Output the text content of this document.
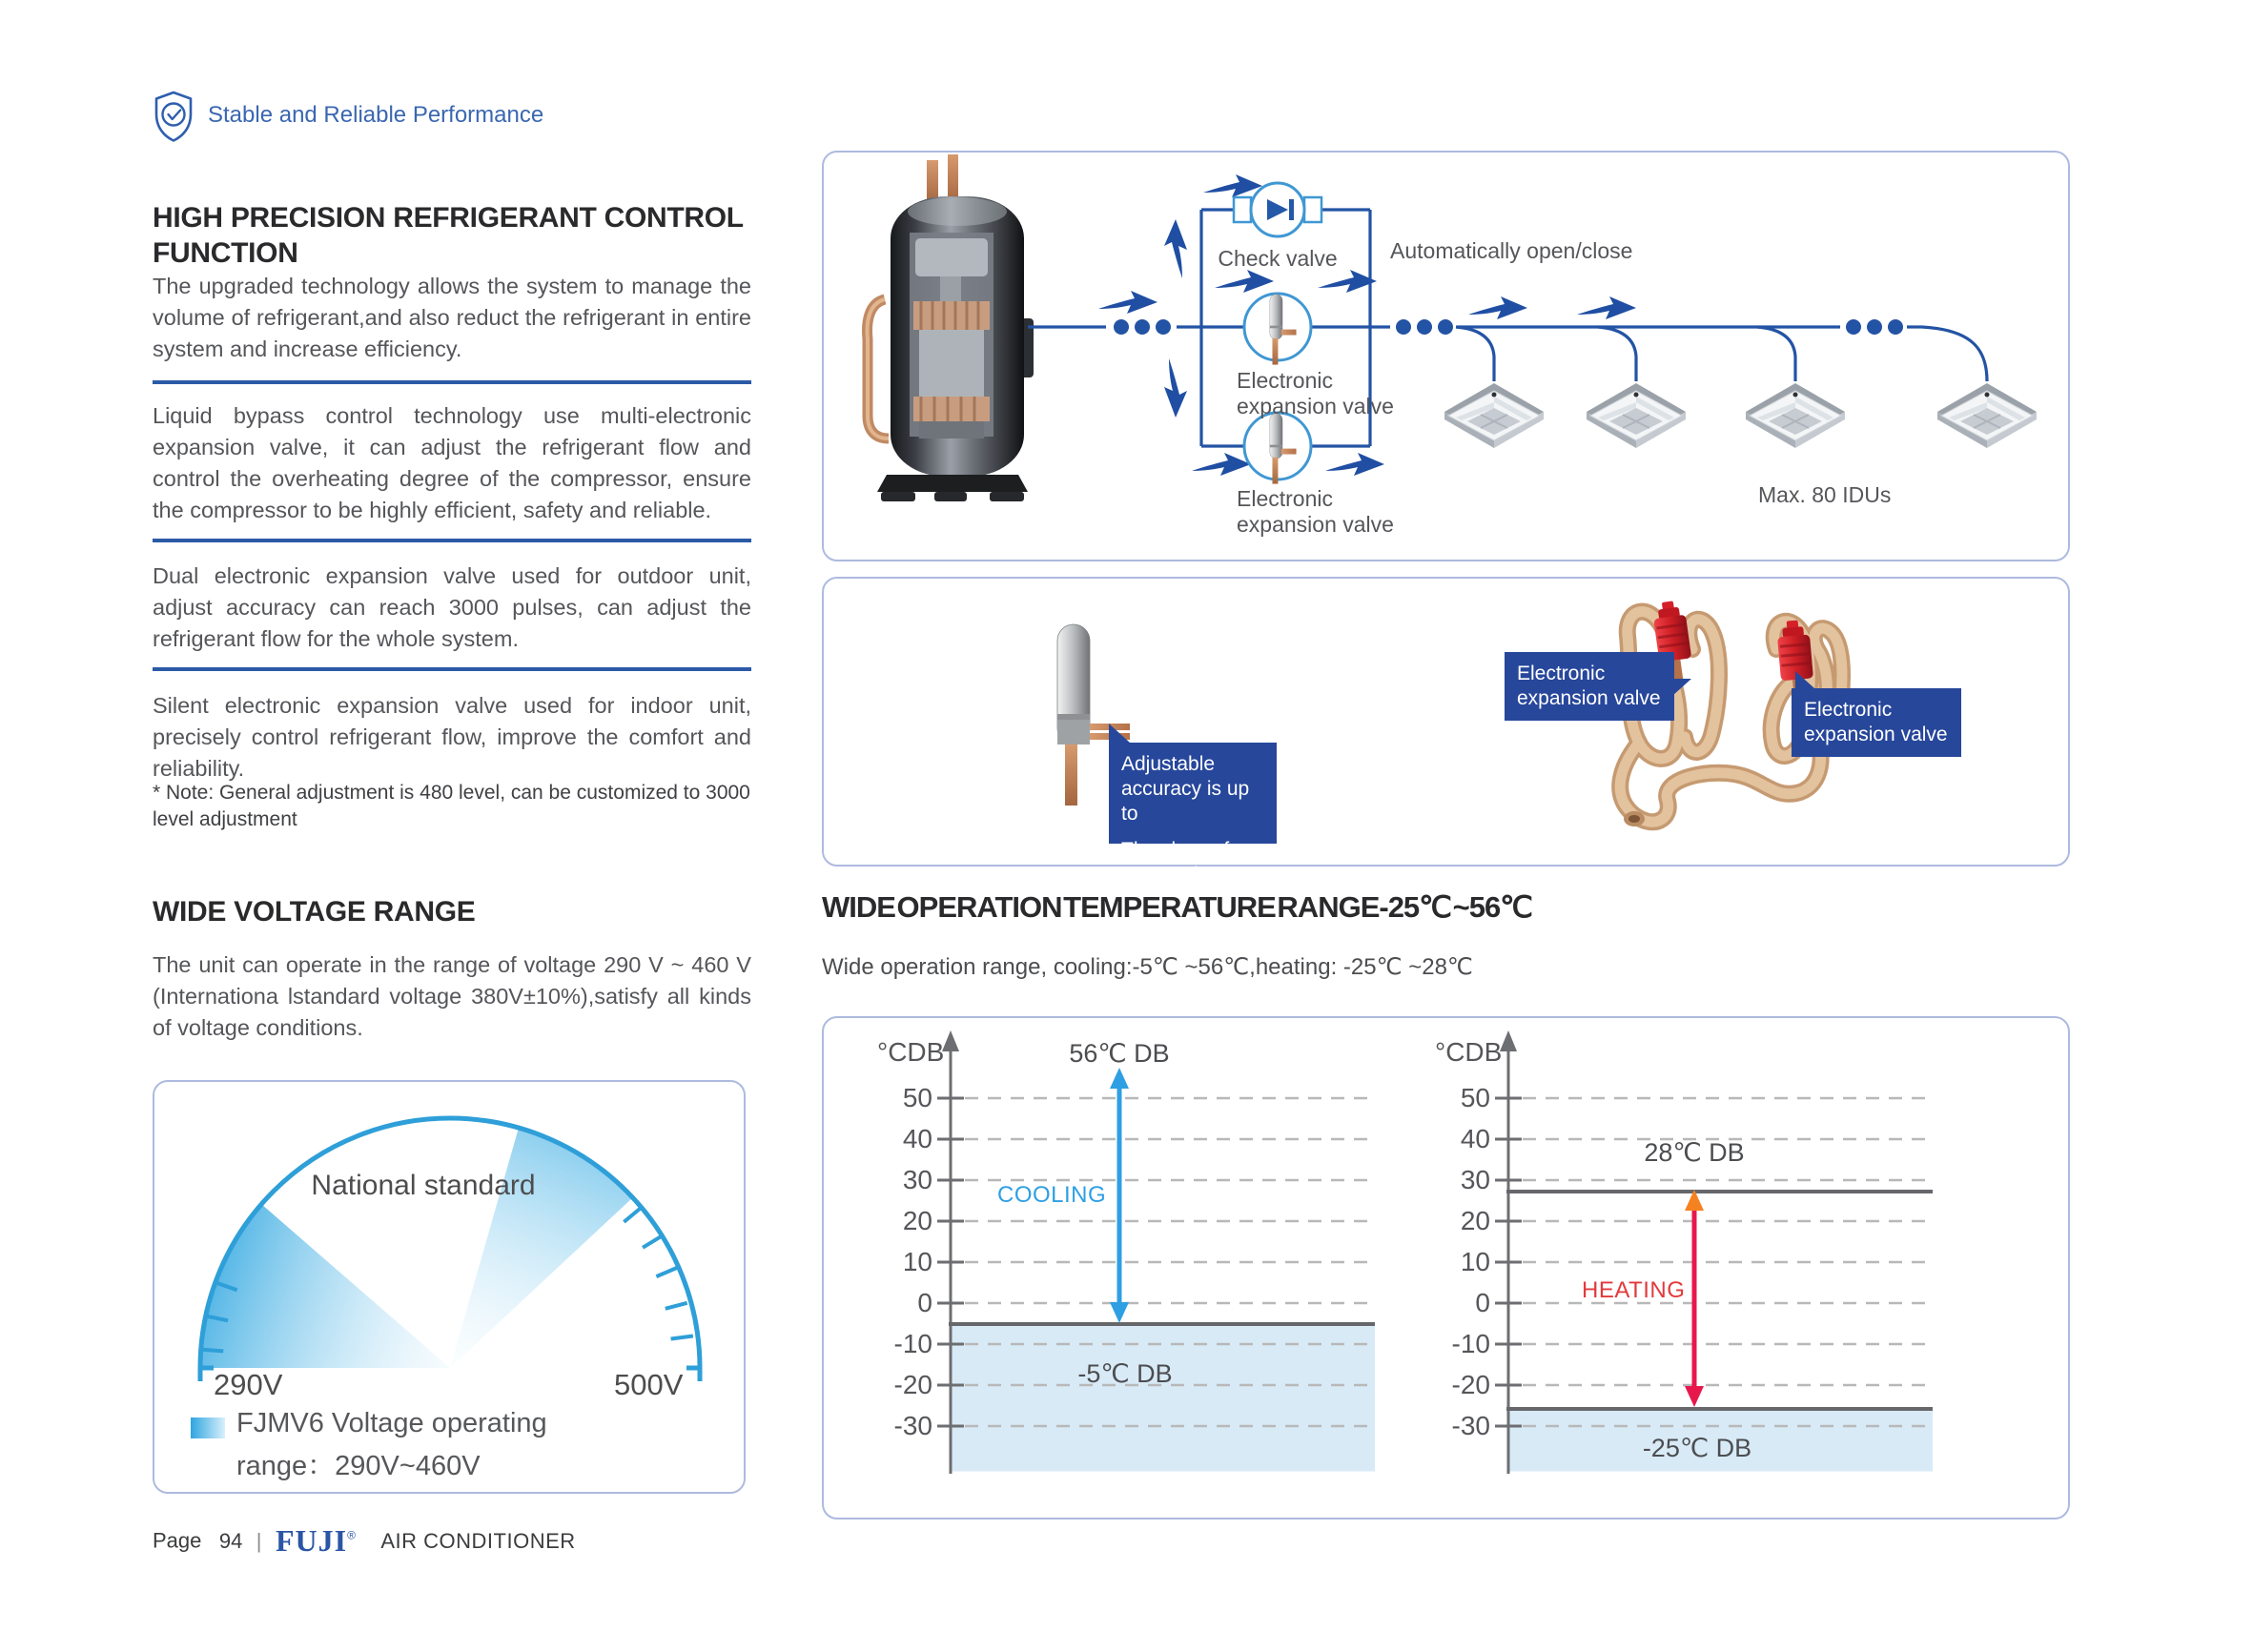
Stable and Reliable Performance
HIGH PRECISION REFRIGERANT CONTROL
FUNCTION

The upgraded technology allows the system to manage the volume of refrigerant,and also reduct the refrigerant in entire system and increase efficiency.

Liquid bypass control technology use multi-electronic expansion valve, it can adjust the refrigerant flow and control the overheating degree of the compressor, ensure the compressor to be highly efficient, safety and reliable.

Dual electronic expansion valve used for outdoor unit, adjust accuracy can reach 3000 pulses, can adjust the refrigerant flow for the whole system.

Silent electronic expansion valve used for indoor unit, precisely control refrigerant flow, improve the comfort and reliability.

* Note: General adjustment is 480 level, can be customized to 3000 level adjustment

WIDE VOLTAGE RANGE

The unit can operate in the range of voltage 290 V ~ 460 V (Internationa lstandard voltage 380V±10%),satisfy all kinds of voltage conditions.

National standard
290V	500V
FJMV6 Voltage operating
range：290V~460V
Page 94 | FUJI® AIR CONDITIONER
Check valve	Automatically open/close
Electronic expansion valve
Electronic expansion valve
Max. 80 IDUs
Adjustable accuracy is up to
The class of 3000 pulse
Electronic expansion valve
Electronic expansion valve
WIDE OPERATION TEMPERATURE RANGE-25℃ ~56℃
Wide operation range, cooling:-5℃ ~56℃,heating: -25℃ ~28℃
°CDB
50
40
30
20
10
0
-10
-20
-30
56℃ DB
COOLING
-5℃ DB
°CDB
50
40
30
20
10
0
-10
-20
-30
28℃ DB
HEATING
-25℃ DB
